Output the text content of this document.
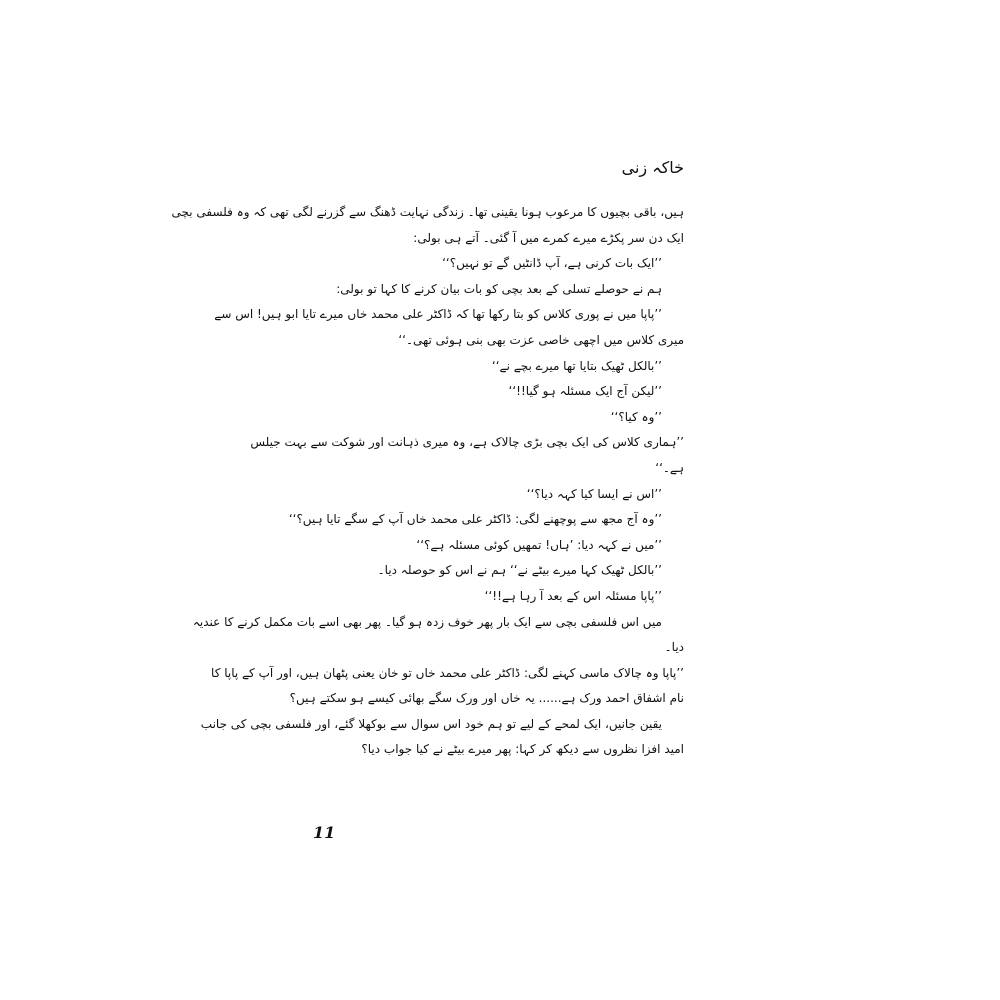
خاکہ زنی
ہیں، باقی بچیوں کا مرعوب ہونا یقینی تھا۔ زندگی نہایت ڈھنگ سے گزرنے لگی تھی کہ وہ فلسفی بچی
ایک دن سر پکڑے میرے کمرے میں آ گئی۔ آتے ہی بولی:
’’ایک بات کرنی ہے، آپ ڈانٹیں گے تو نہیں؟‘‘
ہم نے حوصلے تسلی کے بعد بچی کو بات بیان کرنے کا کہا تو بولی:
’’پاپا میں نے پوری کلاس کو بتا رکھا تھا کہ ڈاکٹر علی محمد خاں میرے تایا ابو ہیں! اس سے
میری کلاس میں اچھی خاصی عزت بھی بنی ہوئی تھی۔‘‘
’’بالکل ٹھیک بتایا تھا میرے بچے نے‘‘
’’لیکن آج ایک مسئلہ ہو گیا!!‘‘
’’وہ کیا؟‘‘
’’ہماری کلاس کی ایک بچی بڑی چالاک ہے، وہ میری ذہانت اور شوکت سے بہت جیلس
ہے۔‘‘
’’اس نے ایسا کیا کہہ دیا؟‘‘
’’وہ آج مجھ سے پوچھنے لگی: ڈاکٹر علی محمد خاں آپ کے سگے تایا ہیں؟‘‘
’’میں نے کہہ دیا: ’ہاں! تمھیں کوئی مسئلہ ہے؟‘‘
’’بالکل ٹھیک کہا میرے بیٹے نے‘‘ ہم نے اس کو حوصلہ دیا۔
’’پاپا مسئلہ اس کے بعد آ رہا ہے!!‘‘
میں اس فلسفی بچی سے ایک بار پھر خوف زدہ ہو گیا۔ پھر بھی اسے بات مکمل کرنے کا عندیہ
دیا۔
’’پاپا وہ چالاک ماسی کہنے لگی: ڈاکٹر علی محمد خاں تو خان یعنی پٹھان ہیں، اور آپ کے پاپا کا
نام اشفاق احمد ورک ہے...... یہ خاں اور ورک سگے بھائی کیسے ہو سکتے ہیں؟
یقین جانیں، ایک لمحے کے لیے تو ہم خود اس سوال سے بوکھلا گئے، اور فلسفی بچی کی جانب
امید افزا نظروں سے دیکھ کر کہا: پھر میرے بیٹے نے کیا جواب دیا؟
11
